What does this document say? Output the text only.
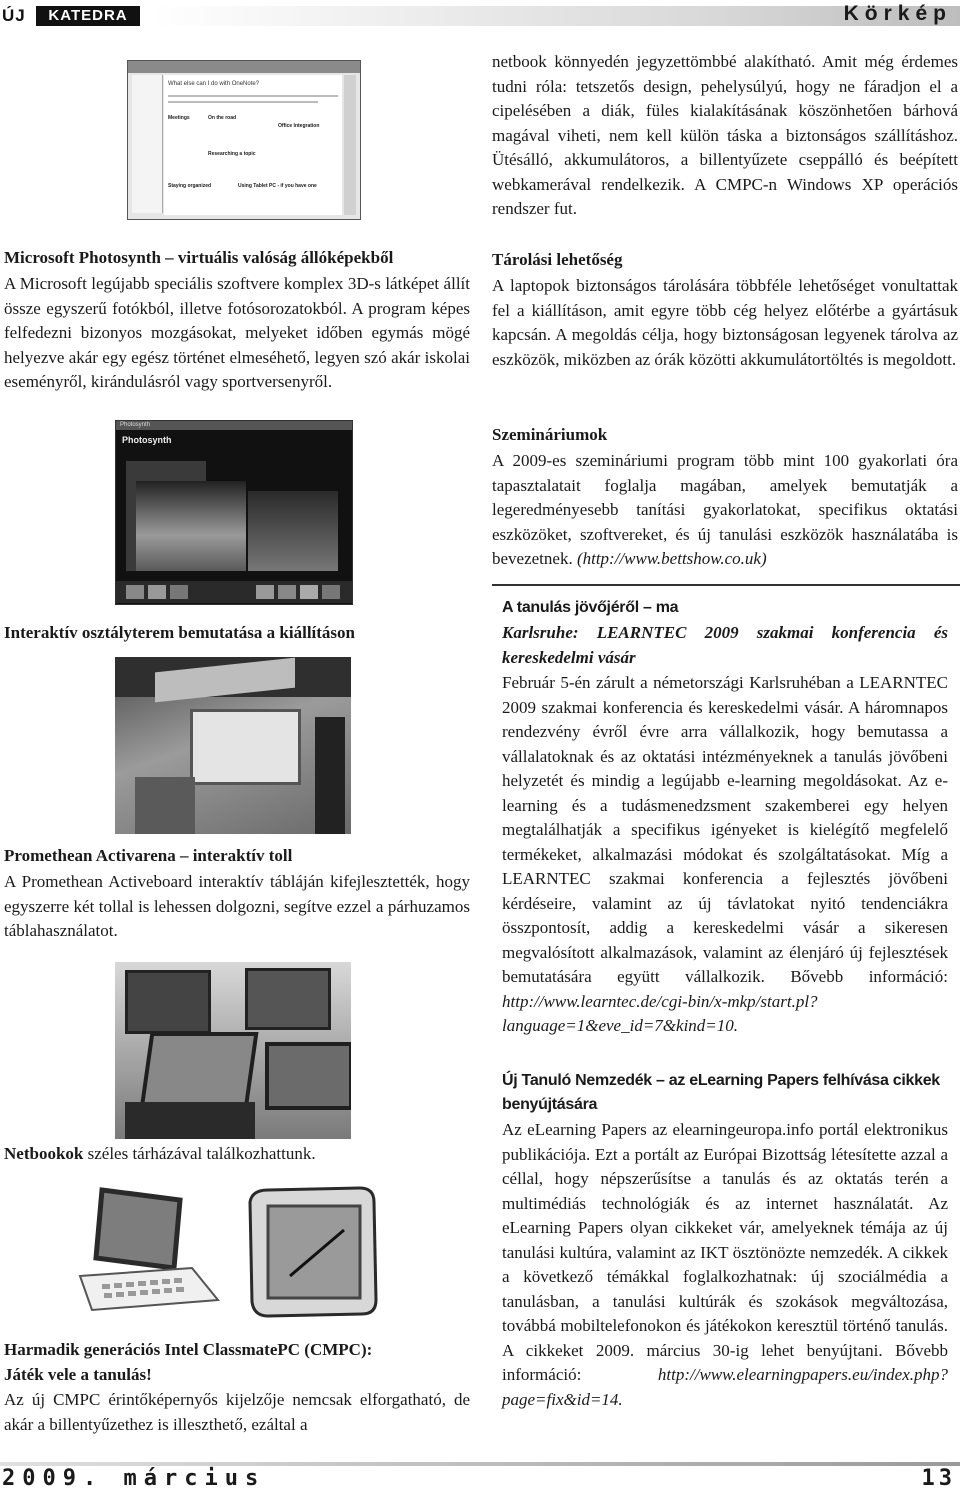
ÚJ	KATEDRA	Körkép
What else can I do with OneNote?
Meetings	On the road
Office Integration
Researching a topic
Staying organized	Using Tablet PC - if you have one
Microsoft Photosynth – virtuális valóság állóképekből
A Microsoft legújabb speciális szoftvere komplex 3D-s látképet állít össze egyszerű fotókból, illetve fotósorozatokból. A program képes felfedezni bizonyos mozgásokat, melyeket időben egymás mögé helyezve akár egy egész történet elmeséhető, legyen szó akár iskolai eseményről, kirándulásról vagy sportversenyről.
Photosynth
Photosynth
Interaktív osztályterem bemutatása a kiállításon
Promethean Activarena – interaktív toll
A Promethean Activeboard interaktív tábláján kifejlesztették, hogy egyszerre két tollal is lehessen dolgozni, segítve ezzel a párhuzamos táblahasználatot.
Netbookok széles tárházával találkozhattunk.
Harmadik generációs Intel ClassmatePC (CMPC):
Játék vele a tanulás!
Az új CMPC érintőképernyős kijelzője nemcsak elforgatható, de akár a billentyűzethez is illeszthető, ezáltal a
netbook könnyedén jegyzettömbbé alakítható. Amit még érdemes tudni róla: tetszetős design, pehelysúlyú, hogy ne fáradjon el a cipelésében a diák, füles kialakításának köszönhetően bárhová magával viheti, nem kell külön táska a biztonságos szállításhoz. Ütésálló, akkumulátoros, a billentyűzete cseppálló és beépített webkamerával rendelkezik. A CMPC-n Windows XP operációs rendszer fut.
Tárolási lehetőség
A laptopok biztonságos tárolására többféle lehetőséget vonultattak fel a kiállításon, amit egyre több cég helyez előtérbe a gyártásuk kapcsán. A megoldás célja, hogy biztonságosan legyenek tárolva az eszközök, miközben az órák közötti akkumulátortöltés is megoldott.
Szemináriumok
A 2009-es szemináriumi program több mint 100 gyakorlati óra tapasztalatait foglalja magában, amelyek bemutatják a legeredményesebb tanítási gyakorlatokat, specifikus oktatási eszközöket, szoftvereket, és új tanulási eszközök használatába is bevezetnek. (http://www.bettshow.co.uk)
A tanulás jövőjéről – ma
Karlsruhe: LEARNTEC 2009 szakmai konferencia és kereskedelmi vásár
Február 5-én zárult a németországi Karlsruhéban a LEARNTEC 2009 szakmai konferencia és kereskedelmi vásár. A háromnapos rendezvény évről évre arra vállalkozik, hogy bemutassa a vállalatoknak és az oktatási intézményeknek a tanulás jövőbeni helyzetét és mindig a legújabb e-learning megoldásokat. Az e-learning és a tudásmenedzsment szakemberei egy helyen megtalálhatják a specifikus igényeket is kielégítő megfelelő termékeket, alkalmazási módokat és szolgáltatásokat. Míg a LEARNTEC szakmai konferencia a fejlesztés jövőbeni kérdéseire, valamint az új távlatokat nyitó tendenciákra összpontosít, addig a kereskedelmi vásár a sikeresen megvalósított alkalmazások, valamint az élenjáró új fejlesztések bemutatására együtt vállalkozik. Bővebb információ: http://www.learntec.de/cgi-bin/x-mkp/start.pl?language=1&eve_id=7&kind=10.
Új Tanuló Nemzedék – az eLearning Papers felhívása cikkek benyújtására
Az eLearning Papers az elearningeuropa.info portál elektronikus publikációja. Ezt a portált az Európai Bizottság létesítette azzal a céllal, hogy népszerűsítse a tanulás és az oktatás terén a multimédiás technológiák és az internet használatát. Az eLearning Papers olyan cikkeket vár, amelyeknek témája az új tanulási kultúra, valamint az IKT ösztönözte nemzedék. A cikkek a következő témákkal foglalkozhatnak: új szociálmédia a tanulásban, a tanulási kultúrák és szokások megváltozása, továbbá mobiltelefonokon és játékokon keresztül történő tanulás. A cikkeket 2009. március 30-ig lehet benyújtani. Bővebb információ:	http://www.elearningpapers.eu/index.php?page=fix&id=14.
2009. március	13
